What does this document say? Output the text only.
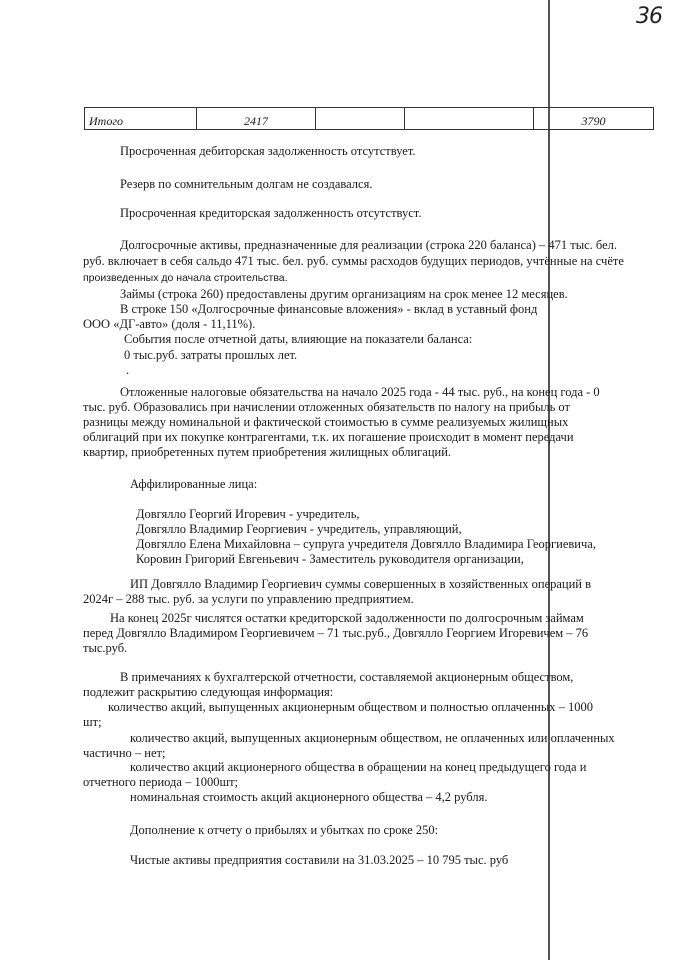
36
Итого	2417			3790
Просроченная дебиторская задолженность отсутствует.
Резерв по сомнительным долгам не создавался.
Просроченная кредиторская задолженность отсутствуст.
Долгосрочные активы, предназначенные для реализации (строка 220 баланса) – 471 тыс. бел.
руб. включает в себя сальдо 471 тыс. бел. руб. суммы расходов будущих периодов, учтённые на счёте
произведенных до начала строительства.
Займы (строка 260) предоставлены другим организациям на срок менее 12 месяцев.
В строке 150 «Долгосрочные финансовые вложения» - вклад в уставный фонд
ООО «ДГ-авто» (доля - 11,11%).
События после отчетной даты, влияющие на показатели баланса:
0 тыс.руб. затраты прошлых лет.
.
Отложенные налоговые обязательства на начало 2025 года - 44 тыс. руб., на конец года - 0
тыс. руб. Образовались при начислении отложенных обязательств по налогу на прибыль от
разницы между номинальной и фактической стоимостью в сумме реализуемых жилищных
облигаций при их покупке контрагентами, т.к. их погашение происходит в момент передачи
квартир, приобретенных путем приобретения жилищных облигаций.
Аффилированные лица:
Довгялло Георгий Игоревич - учредитель,
Довгялло Владимир Георгиевич - учредитель, управляющий,
Довгялло Елена Михайловна – супруга учредителя Довгялло Владимира Георгиевича,
Коровин Григорий Евгеньевич - Заместитель руководителя организации,
ИП Довгялло Владимир Георгиевич суммы совершенных в хозяйственных операций в
2024г – 288 тыс. руб. за услуги по управлению предприятием.
На конец 2025г числятся остатки кредиторской задолженности по долгосрочным займам
перед Довгялло Владимиром Георгиевичем – 71 тыс.руб., Довгялло Георгием Игоревичем – 76
тыс.руб.
В примечаниях к бухгалтерской отчетности, составляемой акционерным обществом,
подлежит раскрытию следующая информация:
количество акций, выпущенных акционерным обществом и полностью оплаченных – 1000
шт;
количество акций, выпущенных акционерным обществом, не оплаченных или оплаченных
частично – нет;
количество акций акционерного общества в обращении на конец предыдущего года и
отчетного периода – 1000шт;
номинальная стоимость акций акционерного общества – 4,2 рубля.
Дополнение к отчету о прибылях и убытках по сроке 250:
Чистые активы предприятия составили на 31.03.2025 – 10 795 тыс. руб
